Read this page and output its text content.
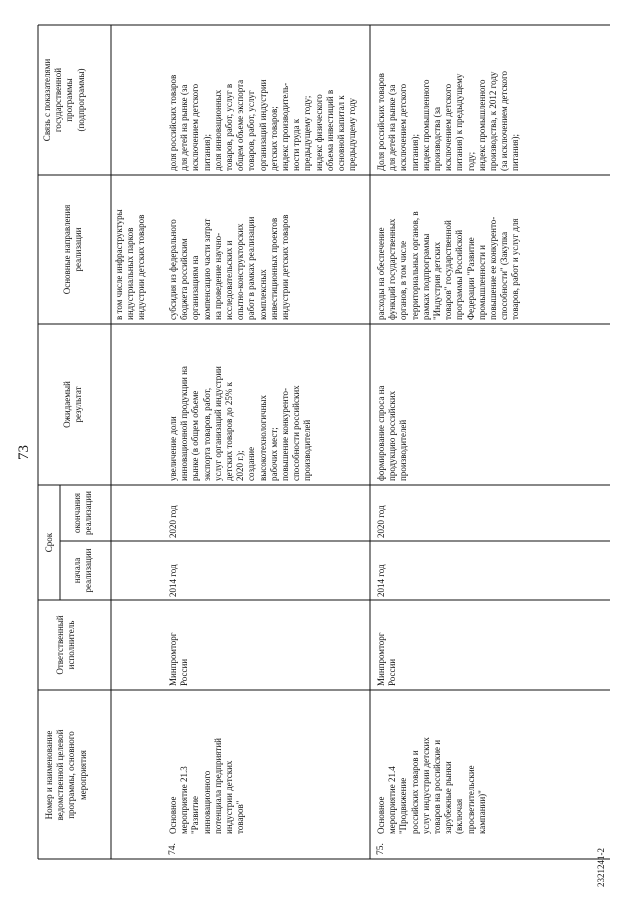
73
Номер и наименование
ведомственной целевой
программы, основного
мероприятия
Ответственный
исполнитель
Срок
начала
реализации
окончания
реализации
Ожидаемый
результат
Основные направления
реализации
Связь с показателями
государственной
программы
(подпрограммы)
в том числе инфраструктуры
индустриальных парков
индустрии детских товаров
74.
Основное
мероприятие 21.3
"Развитие
инновационного
потенциала предприятий
индустрии детских
товаров"
Минпромторг
России
2014 год
2020 год
увеличение доли
инновационной продукции на
рынке (в общем объеме
экспорта товаров, работ,
услуг организаций индустрии
детских товаров до 25% к
2020 г.);
создание
высокотехнологичных
рабочих мест;
повышение конкуренто-
способности российских
производителей
субсидия из федерального
бюджета российским
организациям на
компенсацию части затрат
на проведение научно-
исследовательских и
опытно-конструкторских
работ в рамках реализации
комплексных
инвестиционных проектов
индустрии детских товаров
доля российских товаров
для детей на рынке (за
исключением детского
питания);
доля инновационных
товаров, работ, услуг в
общем объеме экспорта
товаров, работ, услуг
организаций индустрии
детских товаров;
индекс производитель-
ности труда к
предыдущему году;
индекс физического
объема инвестиций в
основной капитал к
предыдущему году
75.
Основное
мероприятие 21.4
"Продвижение
российских товаров и
услуг индустрии детских
товаров на российские и
зарубежные рынки
(включая
просветительские
кампании)"
Минпромторг
России
2014 год
2020 год
формирование спроса на
продукцию российских
производителей
расходы на обеспечение
функций государственных
органов, в том числе
территориальных органов, в
рамках подпрограммы
"Индустрия детских
товаров" государственной
программы Российской
Федерации "Развитие
промышленности и
повышение ее конкуренто-
способности" (Закупка
товаров, работ и услуг для
Доля российских товаров
для детей на рынке (за
исключением детского
питания);
индекс промышленного
производства (за
исключением детского
питания) к предыдущему
году;
индекс промышленного
производства, к 2012 году
(за исключением детского
питания);
2321241-2
